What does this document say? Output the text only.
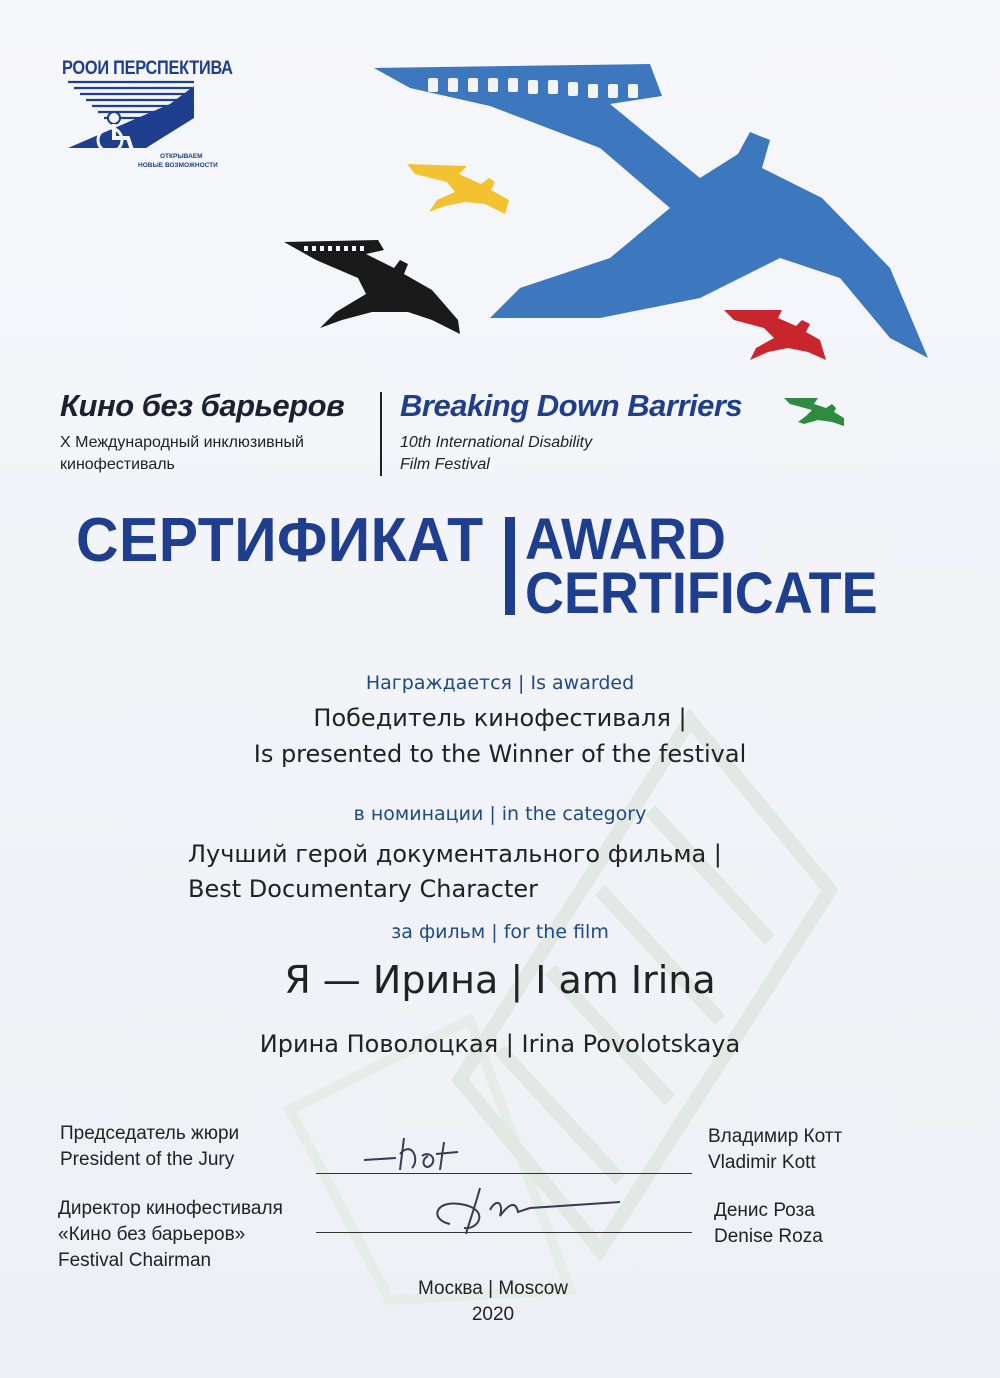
РООИ ПЕРСПЕКТИВА
ОТКРЫВАЕМ
НОВЫЕ ВОЗМОЖНОСТИ
Кино без барьеров
X Международный инклюзивный
кинофестиваль
Breaking Down Barriers
10th International Disability
Film Festival
СЕРТИФИКАТ AWARD
CERTIFICATE
Награждается | Is awarded
Победитель кинофестиваля |
Is presented to the Winner of the festival
в номинации | in the category
Лучший герой документального фильма |
Best Documentary Character
за фильм | for the film
Я — Ирина | I am Irina
Ирина Поволоцкая | Irina Povolotskaya
Председатель жюри
President of the Jury
Владимир Котт
Vladimir Kott
Директор кинофестиваля
«Кино без барьеров»
Festival Chairman
Денис Роза
Denise Roza
Москва | Moscow
2020
